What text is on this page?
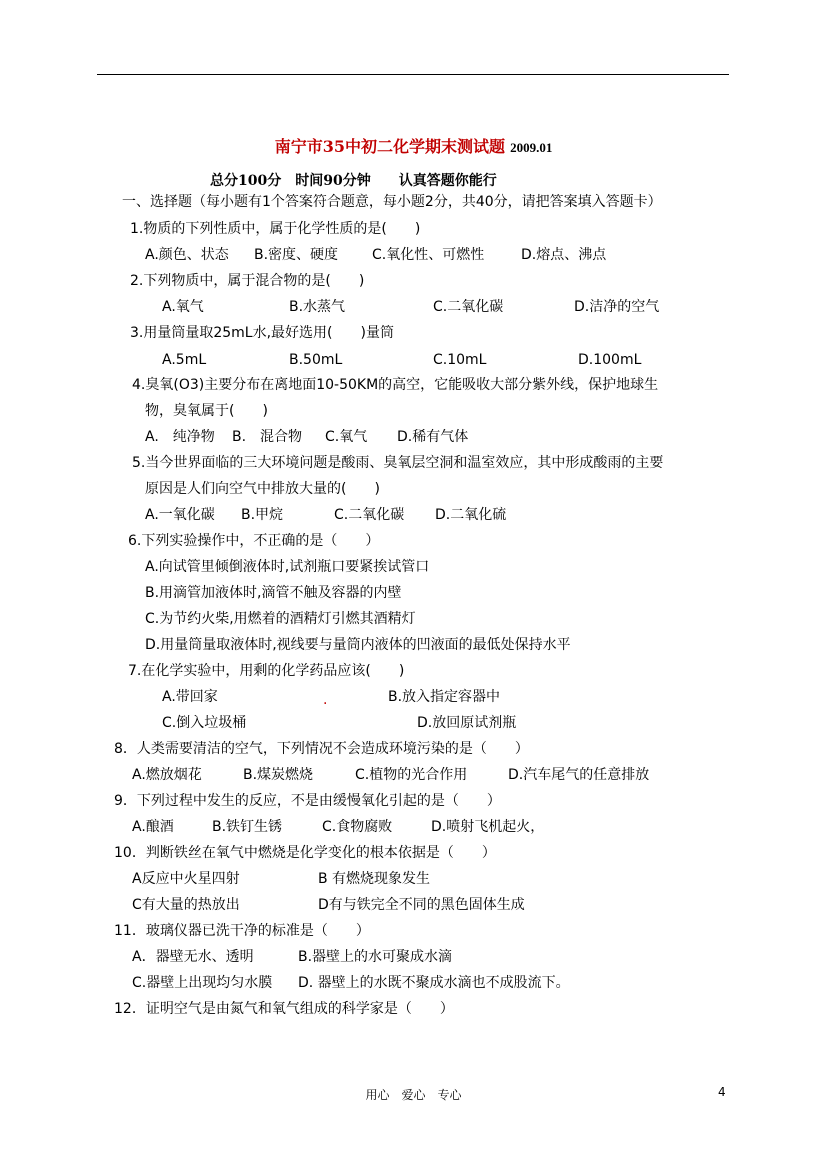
南宁市35中初二化学期末测试题 2009.01
总分100分　时间90分钟　　认真答题你能行
一、选择题（每小题有1个答案符合题意，每小题2分，共40分，请把答案填入答题卡）
1.物质的下列性质中，属于化学性质的是(　　)
A.颜色、状态 B.密度、硬度 C.氧化性、可燃性	D.熔点、沸点
2.下列物质中，属于混合物的是(　　)
A.氧气	B.水蒸气	C.二氧化碳	D.洁净的空气
3.用量筒量取25mL水,最好选用(　　)量筒
A.5mL	B.50mL	C.10mL	D.100mL
4.臭氧(O3)主要分布在离地面10-50KM的高空，它能吸收大部分紫外线，保护地球生
物，臭氧属于(　　)
A.　纯净物 B.　混合物 C.氧气 D.稀有气体
5.当今世界面临的三大环境问题是酸雨、臭氧层空洞和温室效应，其中形成酸雨的主要
原因是人们向空气中排放大量的(　　)
A.一氧化碳 B.甲烷	C.二氧化碳 D.二氧化硫
6.下列实验操作中，不正确的是（　　）
A.向试管里倾倒液体时,试剂瓶口要紧挨试管口
B.用滴管加液体时,滴管不触及容器的内壁
C.为节约火柴,用燃着的酒精灯引燃其酒精灯
D.用量筒量取液体时,视线要与量筒内液体的凹液面的最低处保持水平
7.在化学实验中，用剩的化学药品应该(　　)
A.带回家	.	B.放入指定容器中
C.倒入垃圾桶	D.放回原试剂瓶
8．人类需要清洁的空气，下列情况不会造成环境污染的是（　　）
A.燃放烟花	B.煤炭燃烧	C.植物的光合作用	D.汽车尾气的任意排放
9．下列过程中发生的反应，不是由缓慢氧化引起的是（　　）
A.酿酒	B.铁钉生锈	C.食物腐败	D.喷射飞机起火，
10．判断铁丝在氧气中燃烧是化学变化的根本依据是（　　）
A反应中火星四射	B 有燃烧现象发生
C有大量的热放出	D有与铁完全不同的黑色固体生成
11．玻璃仪器已洗干净的标准是（　　）
A．器壁无水、透明	B.器壁上的水可聚成水滴
C.器壁上出现均匀水膜 D. 器壁上的水既不聚成水滴也不成股流下。
12．证明空气是由氮气和氧气组成的科学家是（　　）
用心　爱心　专心	4
